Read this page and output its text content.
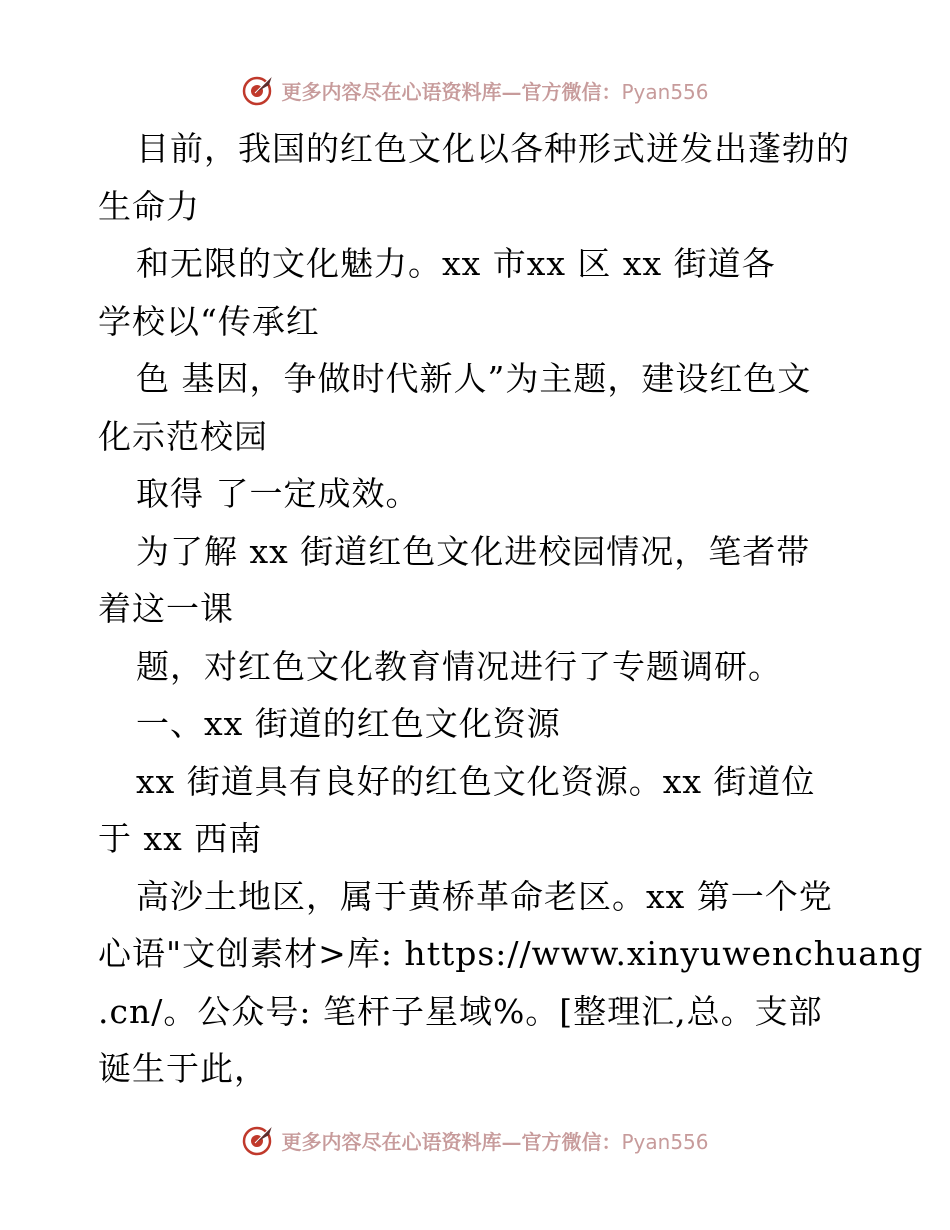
更多内容尽在心语资料库—官方微信：Pyan556
目前，我国的红色文化以各种形式迸发出蓬勃的
生命力
和无限的文化魅力。xx 市xx 区 xx 街道各
学校以“传承红
色 基因，争做时代新人”为主题，建设红色文
化示范校园
取得 了一定成效。
为了解 xx 街道红色文化进校园情况，笔者带
着这一课
题，对红色文化教育情况进行了专题调研。
一、xx 街道的红色文化资源
xx 街道具有良好的红色文化资源。xx 街道位
于 xx 西南
高沙土地区，属于黄桥革命老区。xx 第一个党
心语"文创素材>库: https://www.xinyuwenchuang
.cn/。公众号: 笔杆子星域%。[整理汇,总。支部
诞生于此，
更多内容尽在心语资料库—官方微信：Pyan556
